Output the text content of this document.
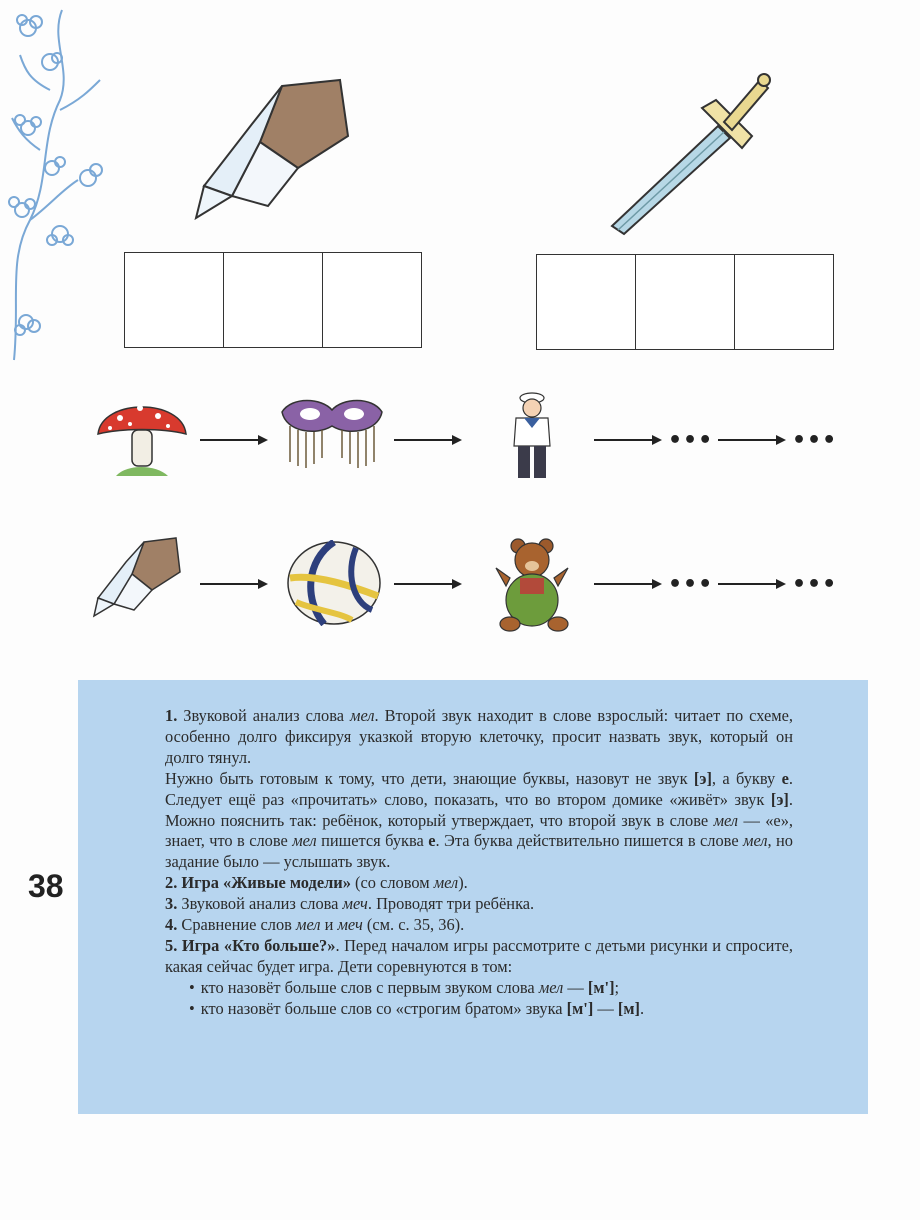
•••	•••
•••	•••
38

1. Звуковой анализ слова мел. Второй звук находит в слове взрослый: читает по схеме, особенно долго фиксируя указкой вторую клеточку, просит назвать звук, который он долго тянул.

Нужно быть готовым к тому, что дети, знающие буквы, назовут не звук [э], а букву е. Следует ещё раз «прочитать» слово, показать, что во втором домике «живёт» звук [э]. Можно пояснить так: ребёнок, который утверждает, что второй звук в слове мел — «е», знает, что в слове мел пишется буква е. Эта буква действительно пишется в слове мел, но задание было — услышать звук.

2. Игра «Живые модели» (со словом мел).

3. Звуковой анализ слова меч. Проводят три ребёнка.

4. Сравнение слов мел и меч (см. с. 35, 36).

5. Игра «Кто больше?». Перед началом игры рассмотрите с детьми рисунки и спросите, какая сейчас будет игра. Дети соревнуются в том:

• кто назовёт больше слов с первым звуком слова мел — [м'];
• кто назовёт больше слов со «строгим братом» звука [м'] — [м].
